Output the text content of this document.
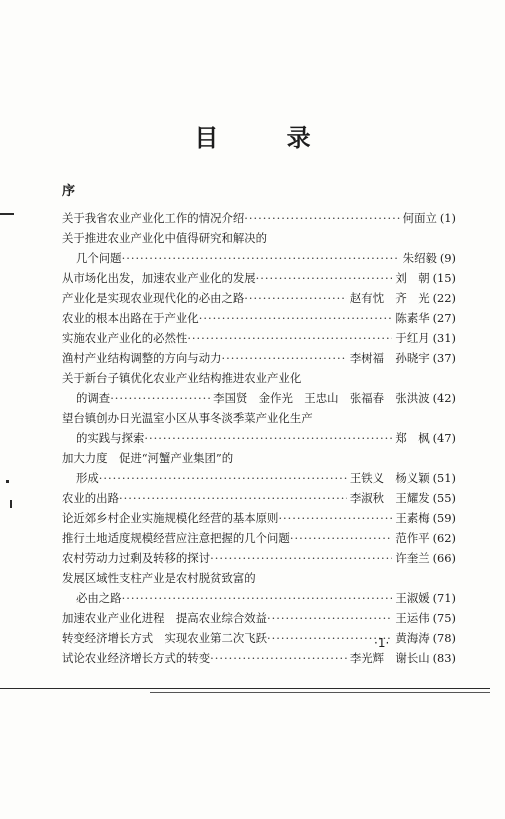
目 录
序
关于我省农业产业化工作的情况介绍 ·····	何面立 (1)
关于推进农业产业化中值得研究和解决的
几个问题 ·····	朱绍毅 (9)
从市场化出发，加速农业产业化的发展 ·····	刘　朝 (15)
产业化是实现农业现代化的必由之路 ·····	赵有忱　齐　光 (22)
农业的根本出路在于产业化 ·····	陈素华 (27)
实施农业产业化的必然性 ·····	于红月 (31)
渔村产业结构调整的方向与动力 ·····	李树福　孙晓宇 (37)
关于新台子镇优化农业产业结构推进农业产业化
的调查 ·····	李国贤　金作光　王忠山　张福春　张洪波 (42)
望台镇创办日光温室小区从事冬淡季菜产业化生产
的实践与探索 ·····	郑　枫 (47)
加大力度　促进“河蟹产业集团”的
形成 ·····	王铁义　杨义颖 (51)
农业的出路 ·····	李淑秋　王耀发 (55)
论近郊乡村企业实施规模化经营的基本原则 ·····	王素梅 (59)
推行土地适度规模经营应注意把握的几个问题 ·····	范作平 (62)
农村劳动力过剩及转移的探讨 ·····	许奎兰 (66)
发展区域性支柱产业是农村脱贫致富的
必由之路 ·····	王淑媛 (71)
加速农业产业化进程　提高农业综合效益 ·····	王运伟 (75)
转变经济增长方式　实现农业第二次飞跃 ·····	黄海涛 (78)
试论农业经济增长方式的转变 ·····	李光辉　谢长山 (83)
·1·
